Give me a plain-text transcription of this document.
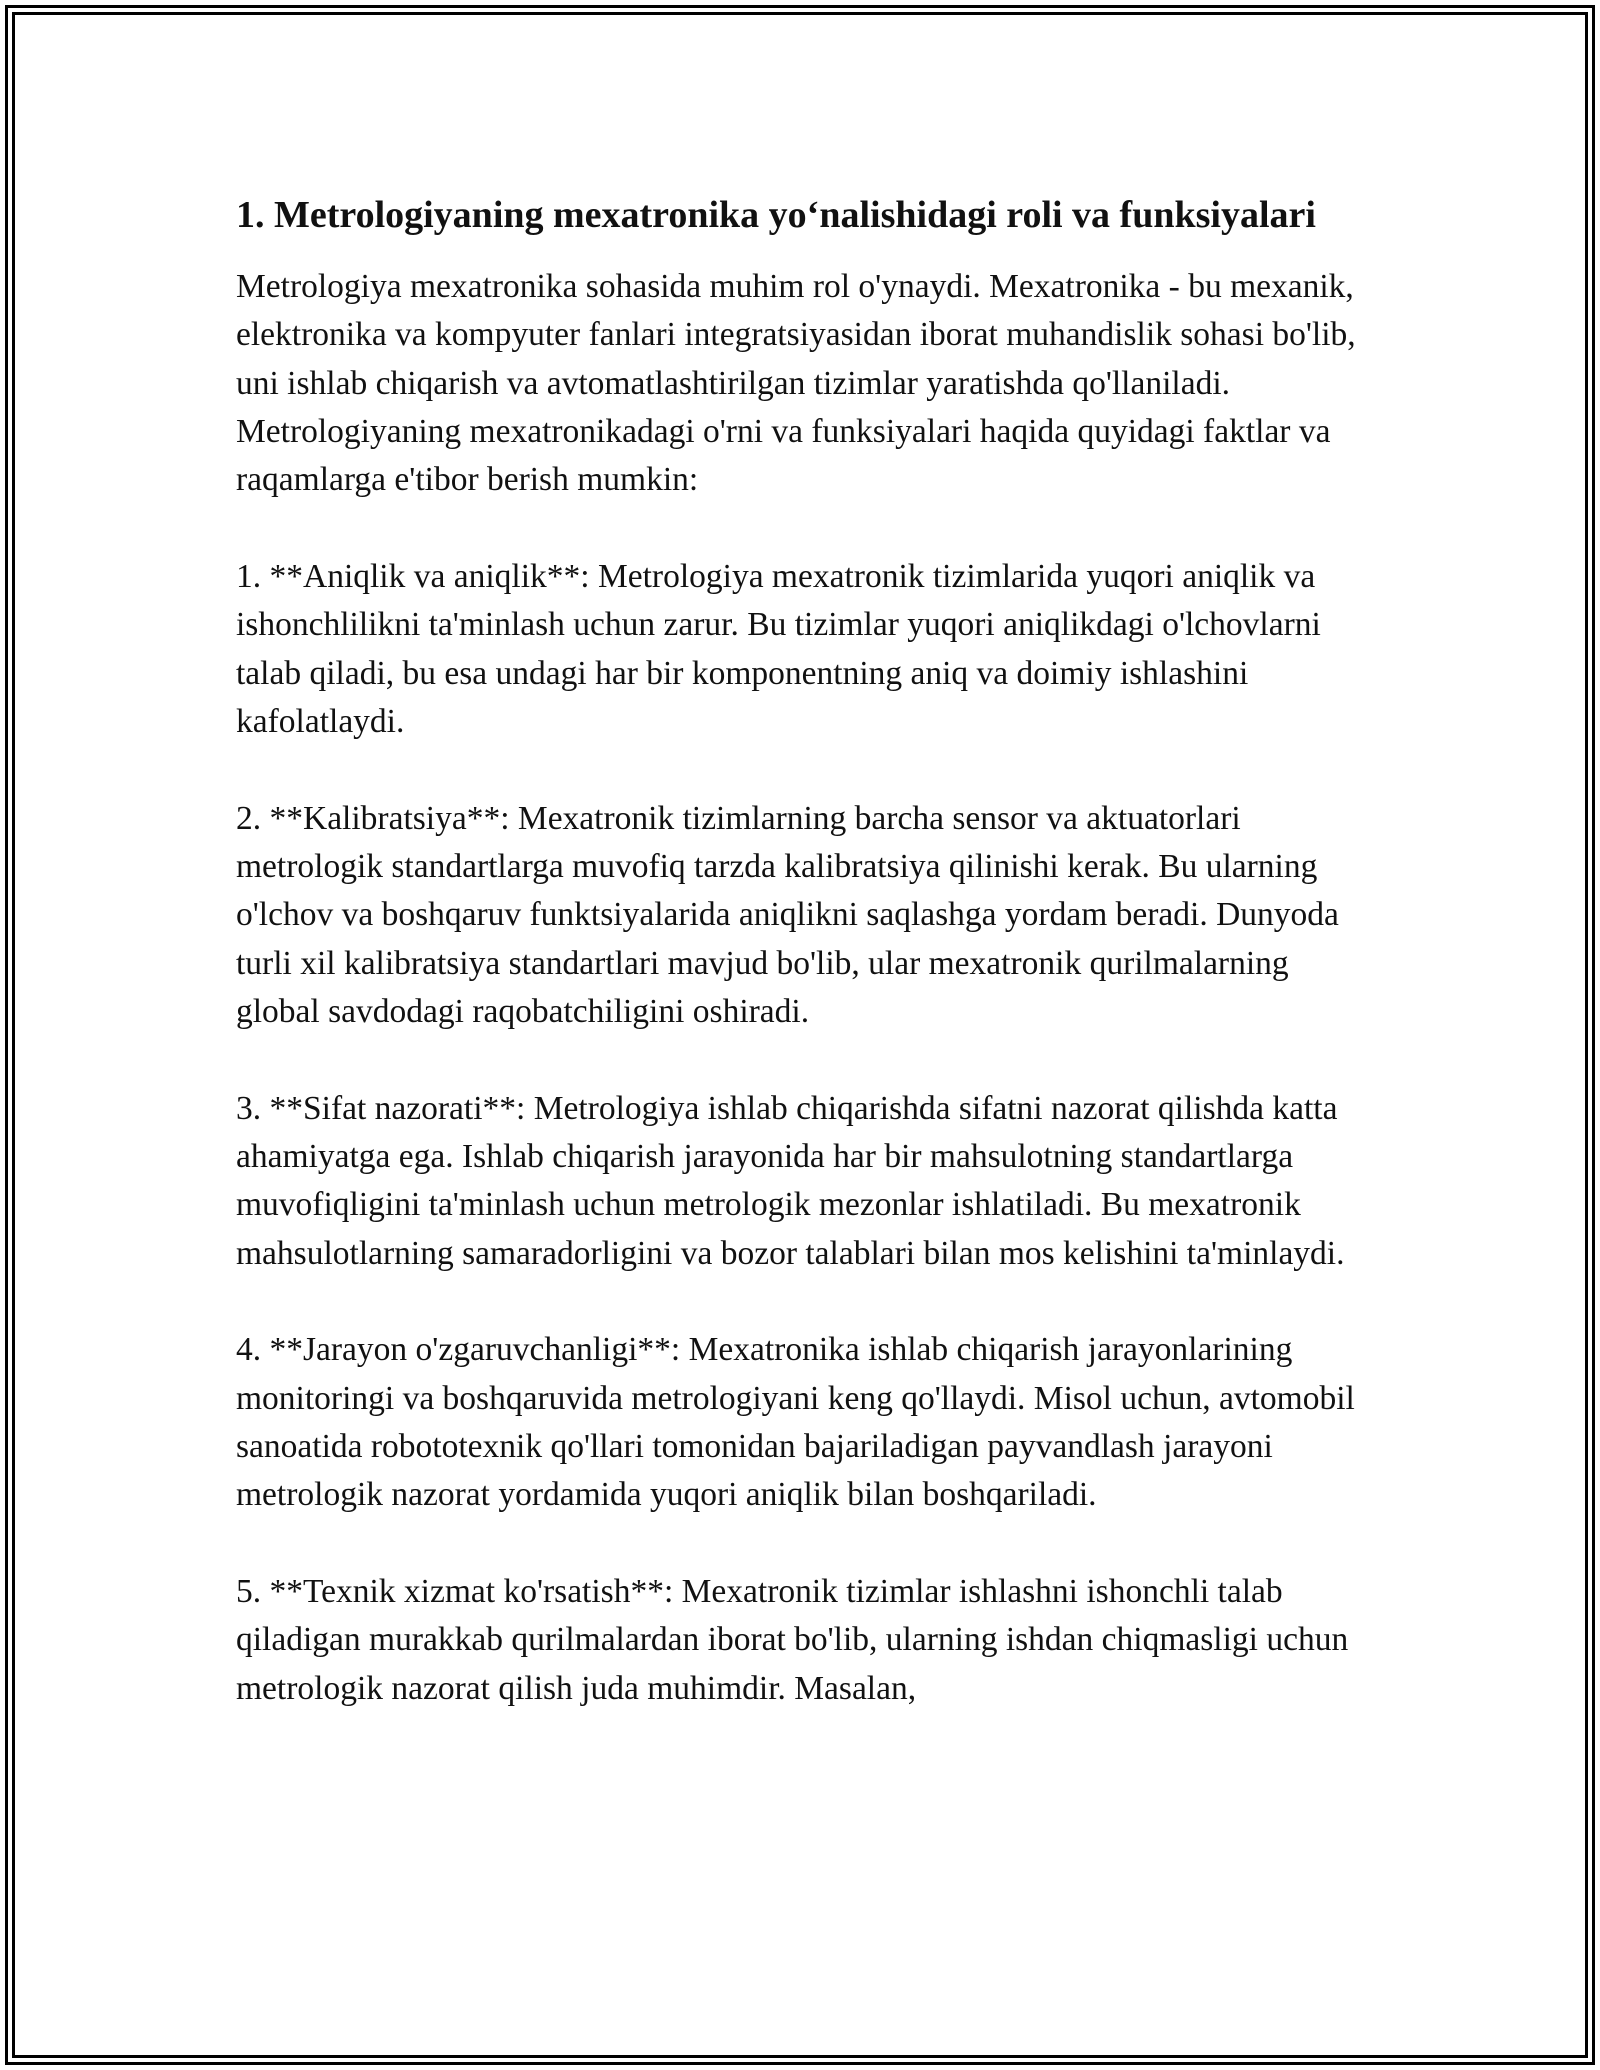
1. Metrologiyaning mexatronika yo‘nalishidagi roli va funksiyalari

Metrologiya mexatronika sohasida muhim rol o'ynaydi. Mexatronika - bu mexanik, elektronika va kompyuter fanlari integratsiyasidan iborat muhandislik sohasi bo'lib, uni ishlab chiqarish va avtomatlashtirilgan tizimlar yaratishda qo'llaniladi. Metrologiyaning mexatronikadagi o'rni va funksiyalari haqida quyidagi faktlar va raqamlarga e'tibor berish mumkin:

1. **Aniqlik va aniqlik**: Metrologiya mexatronik tizimlarida yuqori aniqlik va ishonchlilikni ta'minlash uchun zarur. Bu tizimlar yuqori aniqlikdagi o'lchovlarni talab qiladi, bu esa undagi har bir komponentning aniq va doimiy ishlashini kafolatlaydi.

2. **Kalibratsiya**: Mexatronik tizimlarning barcha sensor va aktuatorlari metrologik standartlarga muvofiq tarzda kalibratsiya qilinishi kerak. Bu ularning o'lchov va boshqaruv funktsiyalarida aniqlikni saqlashga yordam beradi. Dunyoda turli xil kalibratsiya standartlari mavjud bo'lib, ular mexatronik qurilmalarning global savdodagi raqobatchiligini oshiradi.

3. **Sifat nazorati**: Metrologiya ishlab chiqarishda sifatni nazorat qilishda katta ahamiyatga ega. Ishlab chiqarish jarayonida har bir mahsulotning standartlarga muvofiqligini ta'minlash uchun metrologik mezonlar ishlatiladi. Bu mexatronik mahsulotlarning samaradorligini va bozor talablari bilan mos kelishini ta'minlaydi.

4. **Jarayon o'zgaruvchanligi**: Mexatronika ishlab chiqarish jarayonlarining monitoringi va boshqaruvida metrologiyani keng qo'llaydi. Misol uchun, avtomobil sanoatida robototexnik qo'llari tomonidan bajariladigan payvandlash jarayoni metrologik nazorat yordamida yuqori aniqlik bilan boshqariladi.

5. **Texnik xizmat ko'rsatish**: Mexatronik tizimlar ishlashni ishonchli talab qiladigan murakkab qurilmalardan iborat bo'lib, ularning ishdan chiqmasligi uchun metrologik nazorat qilish juda muhimdir. Masalan,
